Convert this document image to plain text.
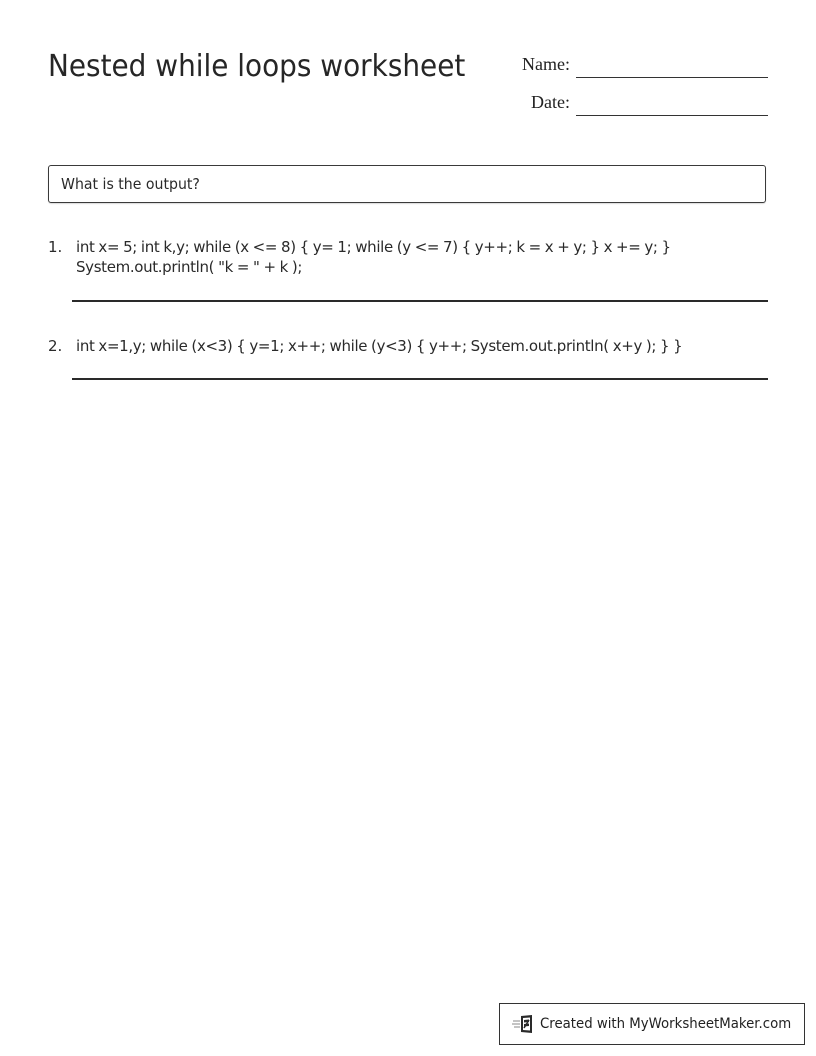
Nested while loops worksheet	Name:
Date:
What is the output?
1. int x= 5; int k,y; while (x <= 8) { y= 1; while (y <= 7) { y++; k = x + y; } x += y; } System.out.println( "k = " + k );
2. int x=1,y; while (x<3) { y=1; x++; while (y<3) { y++; System.out.println( x+y ); } }
Created with MyWorksheetMaker.com
